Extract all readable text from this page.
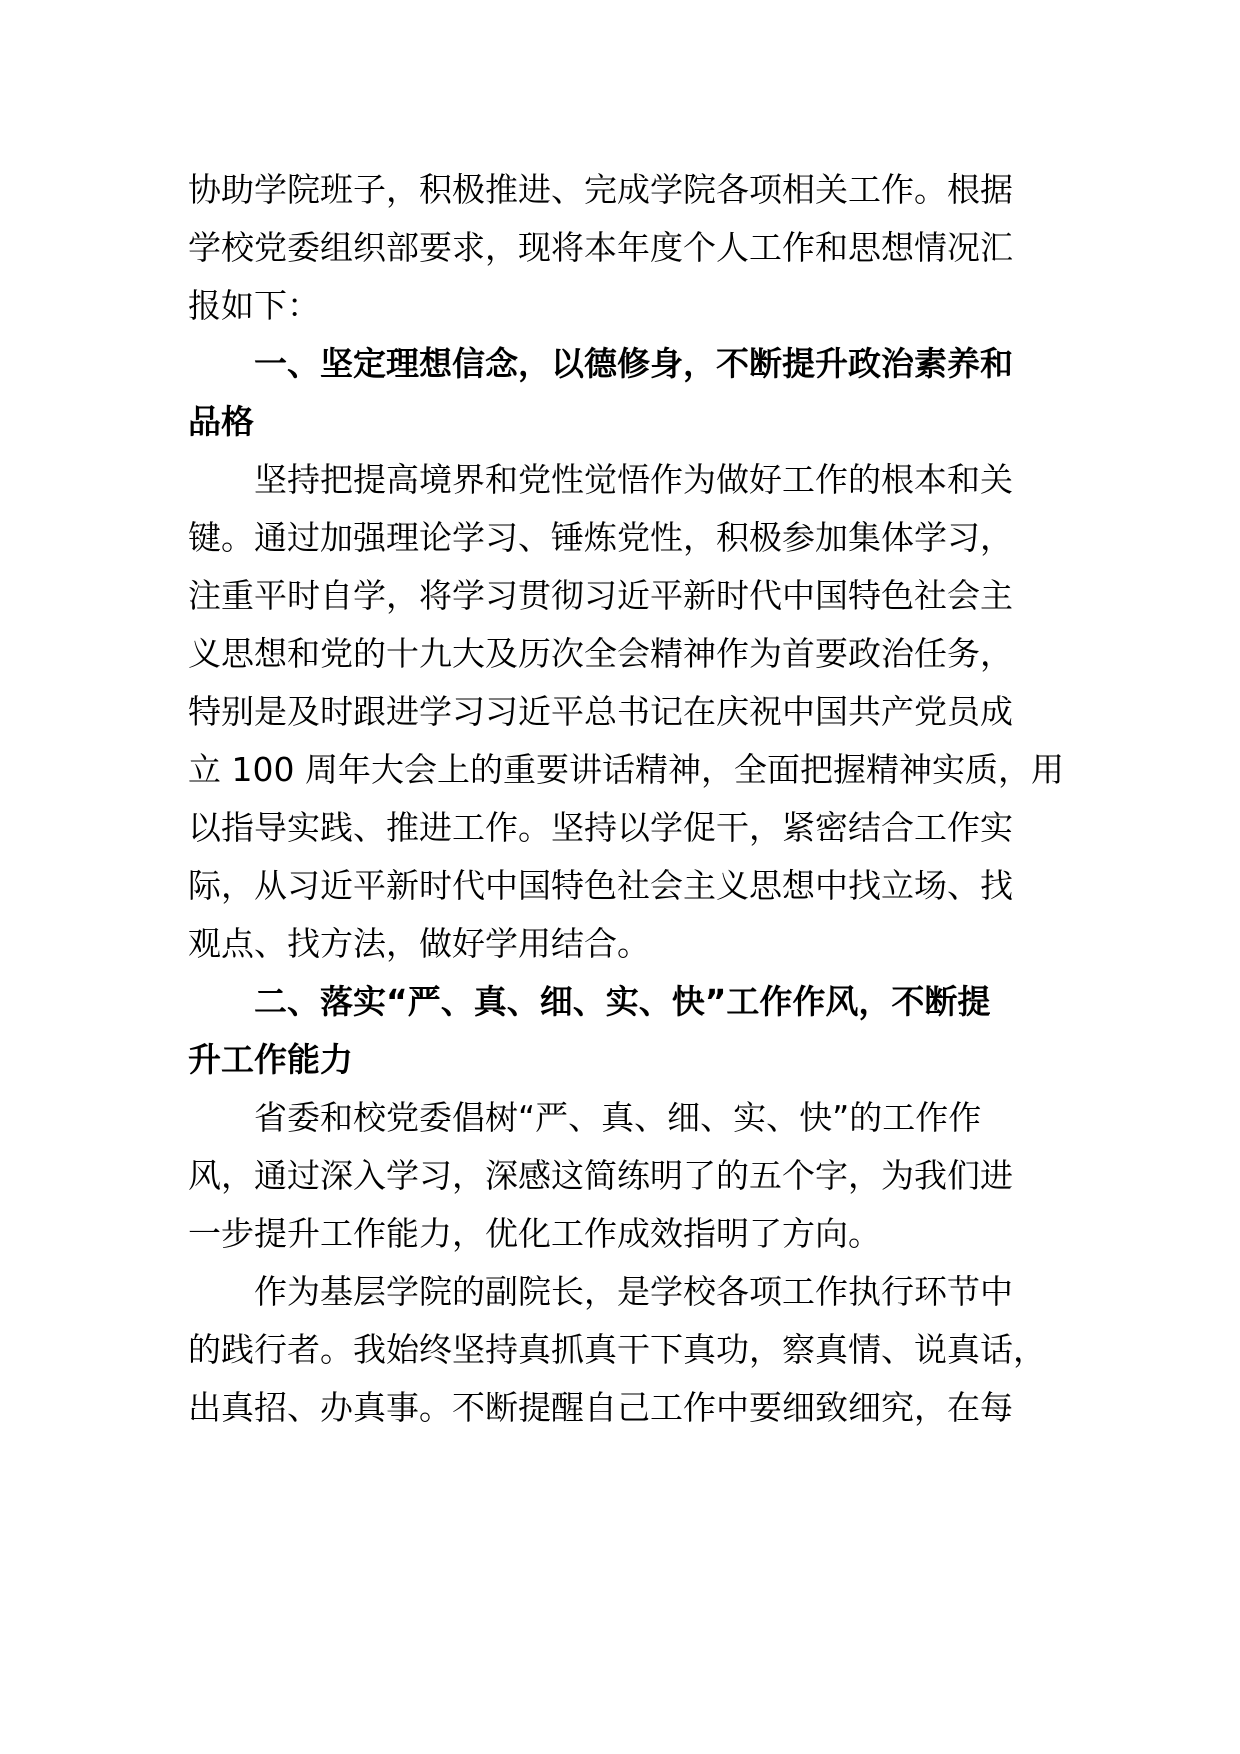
协助学院班子，积极推进、完成学院各项相关工作。根据
学校党委组织部要求，现将本年度个人工作和思想情况汇
报如下：
一、坚定理想信念，以德修身，不断提升政治素养和
品格
坚持把提高境界和党性觉悟作为做好工作的根本和关
键。通过加强理论学习、锤炼党性，积极参加集体学习，
注重平时自学，将学习贯彻习近平新时代中国特色社会主
义思想和党的十九大及历次全会精神作为首要政治任务，
特别是及时跟进学习习近平总书记在庆祝中国共产党员成
立 100 周年大会上的重要讲话精神，全面把握精神实质，用
以指导实践、推进工作。坚持以学促干，紧密结合工作实
际，从习近平新时代中国特色社会主义思想中找立场、找
观点、找方法，做好学用结合。
二、落实“严、真、细、实、快”工作作风，不断提
升工作能力
省委和校党委倡树“严、真、细、实、快”的工作作
风，通过深入学习，深感这简练明了的五个字，为我们进
一步提升工作能力，优化工作成效指明了方向。
作为基层学院的副院长，是学校各项工作执行环节中
的践行者。我始终坚持真抓真干下真功，察真情、说真话，
出真招、办真事。不断提醒自己工作中要细致细究，在每
